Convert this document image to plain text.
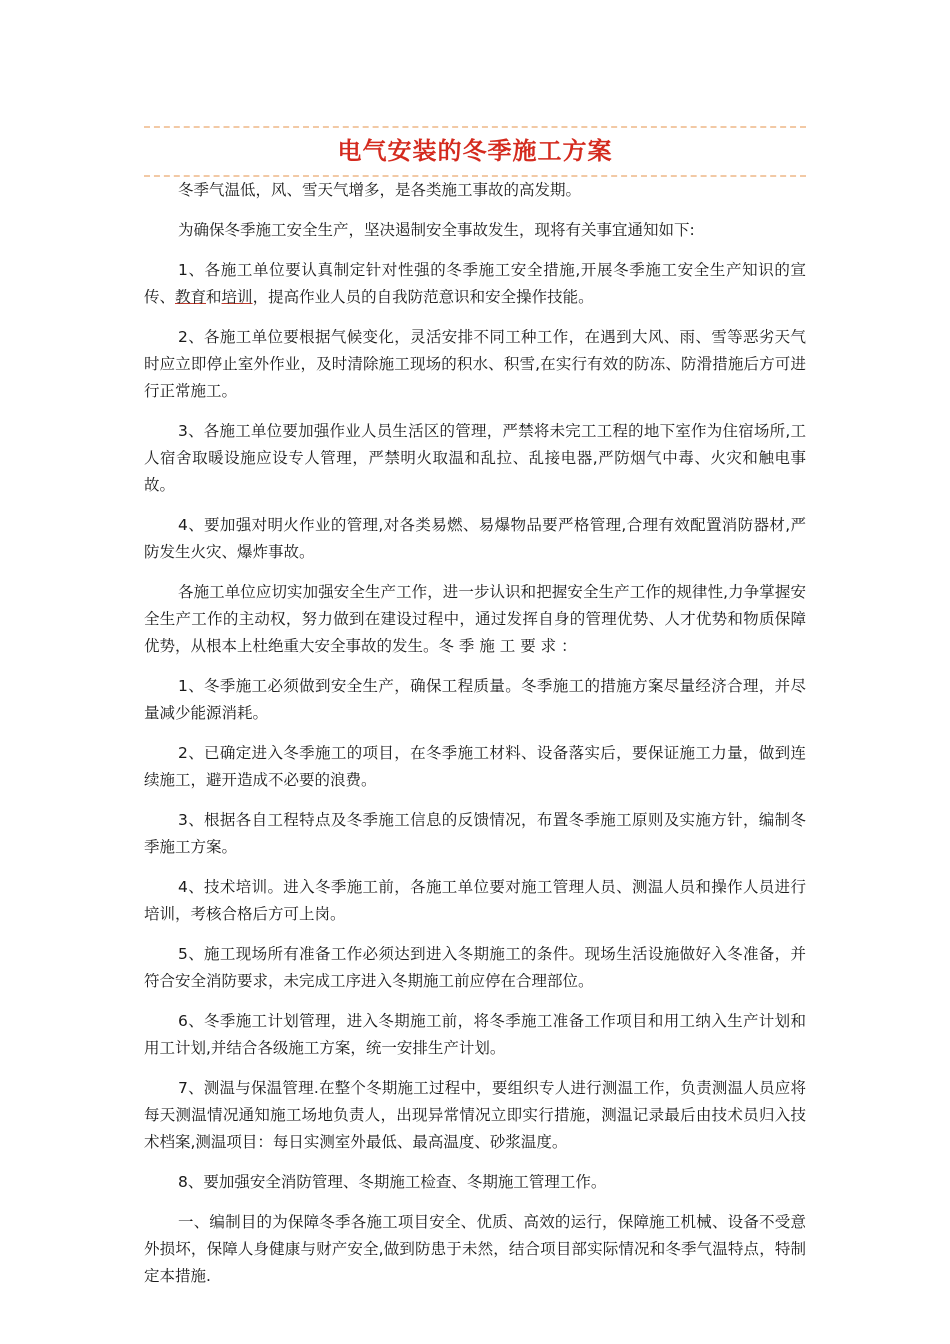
电气安装的冬季施工方案

冬季气温低，风、雪天气增多，是各类施工事故的高发期。

为确保冬季施工安全生产，坚决遏制安全事故发生，现将有关事宜通知如下:

1、各施工单位要认真制定针对性强的冬季施工安全措施,开展冬季施工安全生产知识的宣传、教育和培训，提高作业人员的自我防范意识和安全操作技能。

2、各施工单位要根据气候变化，灵活安排不同工种工作，在遇到大风、雨、雪等恶劣天气时应立即停止室外作业，及时清除施工现场的积水、积雪,在实行有效的防冻、防滑措施后方可进行正常施工。

3、各施工单位要加强作业人员生活区的管理，严禁将未完工工程的地下室作为住宿场所,工人宿舍取暖设施应设专人管理，严禁明火取温和乱拉、乱接电器,严防烟气中毒、火灾和触电事故。

4、要加强对明火作业的管理,对各类易燃、易爆物品要严格管理,合理有效配置消防器材,严防发生火灾、爆炸事故。

各施工单位应切实加强安全生产工作，进一步认识和把握安全生产工作的规律性,力争掌握安全生产工作的主动权，努力做到在建设过程中，通过发挥自身的管理优势、人才优势和物质保障优势，从根本上杜绝重大安全事故的发生。冬 季 施 工 要 求 ：

1、冬季施工必须做到安全生产，确保工程质量。冬季施工的措施方案尽量经济合理，并尽量减少能源消耗。

2、已确定进入冬季施工的项目，在冬季施工材料、设备落实后，要保证施工力量，做到连续施工，避开造成不必要的浪费。

3、根据各自工程特点及冬季施工信息的反馈情况，布置冬季施工原则及实施方针，编制冬季施工方案。

4、技术培训。进入冬季施工前，各施工单位要对施工管理人员、测温人员和操作人员进行培训，考核合格后方可上岗。

5、施工现场所有准备工作必须达到进入冬期施工的条件。现场生活设施做好入冬准备，并符合安全消防要求，未完成工序进入冬期施工前应停在合理部位。

6、冬季施工计划管理，进入冬期施工前，将冬季施工准备工作项目和用工纳入生产计划和用工计划,并结合各级施工方案，统一安排生产计划。

7、测温与保温管理.在整个冬期施工过程中，要组织专人进行测温工作，负责测温人员应将每天测温情况通知施工场地负责人，出现异常情况立即实行措施，测温记录最后由技术员归入技术档案,测温项目：每日实测室外最低、最高温度、砂浆温度。

8、要加强安全消防管理、冬期施工检查、冬期施工管理工作。

一、编制目的为保障冬季各施工项目安全、优质、高效的运行，保障施工机械、设备不受意外损坏，保障人身健康与财产安全,做到防患于未然，结合项目部实际情况和冬季气温特点，特制定本措施.
